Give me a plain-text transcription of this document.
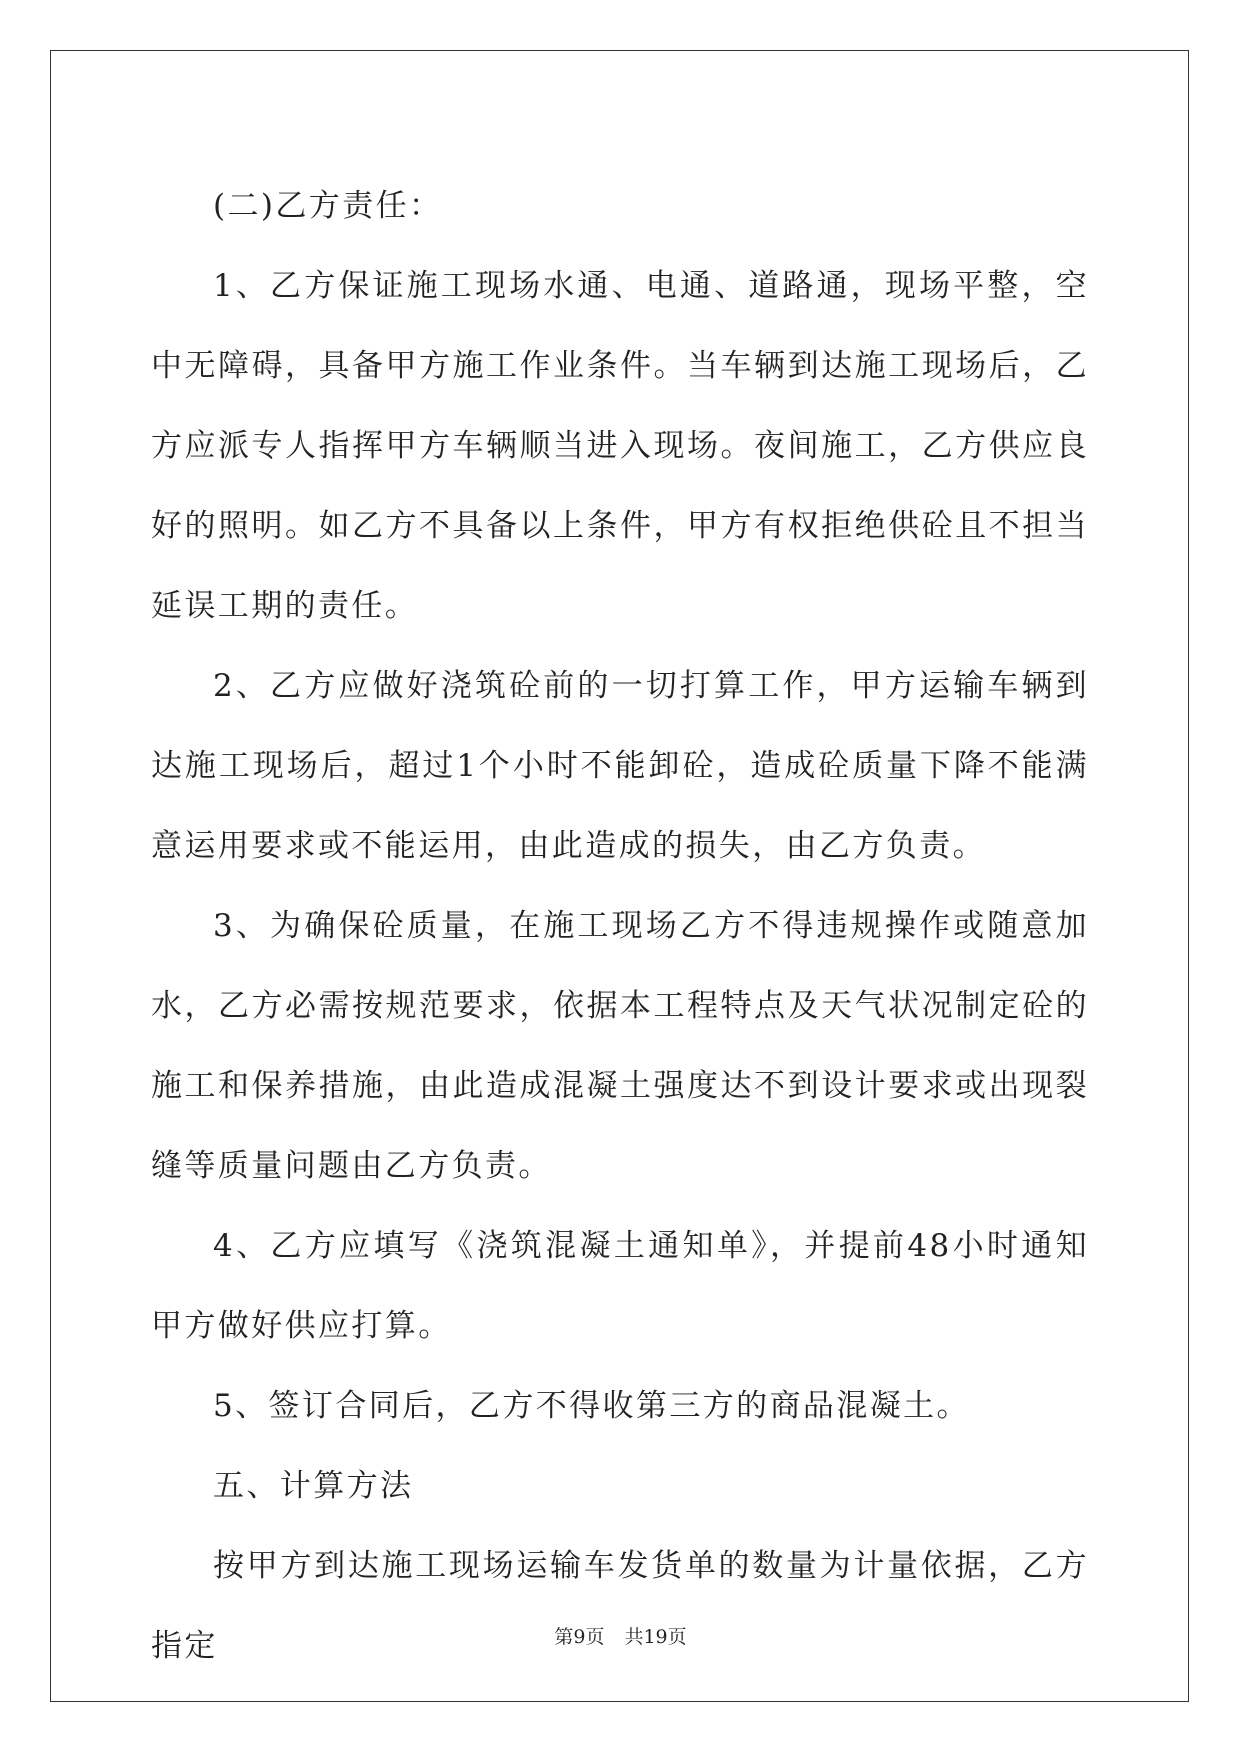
(二)乙方责任：

1、乙方保证施工现场水通、电通、道路通，现场平整，空中无障碍，具备甲方施工作业条件。当车辆到达施工现场后，乙方应派专人指挥甲方车辆顺当进入现场。夜间施工，乙方供应良好的照明。如乙方不具备以上条件，甲方有权拒绝供砼且不担当延误工期的责任。

2、乙方应做好浇筑砼前的一切打算工作，甲方运输车辆到达施工现场后，超过1个小时不能卸砼，造成砼质量下降不能满意运用要求或不能运用，由此造成的损失，由乙方负责。

3、为确保砼质量，在施工现场乙方不得违规操作或随意加水，乙方必需按规范要求，依据本工程特点及天气状况制定砼的施工和保养措施，由此造成混凝土强度达不到设计要求或出现裂缝等质量问题由乙方负责。

4、乙方应填写《浇筑混凝土通知单》，并提前48小时通知甲方做好供应打算。

5、签订合同后，乙方不得收第三方的商品混凝土。

五、计算方法

按甲方到达施工现场运输车发货单的数量为计量依据，乙方指定	第9页 共19页
